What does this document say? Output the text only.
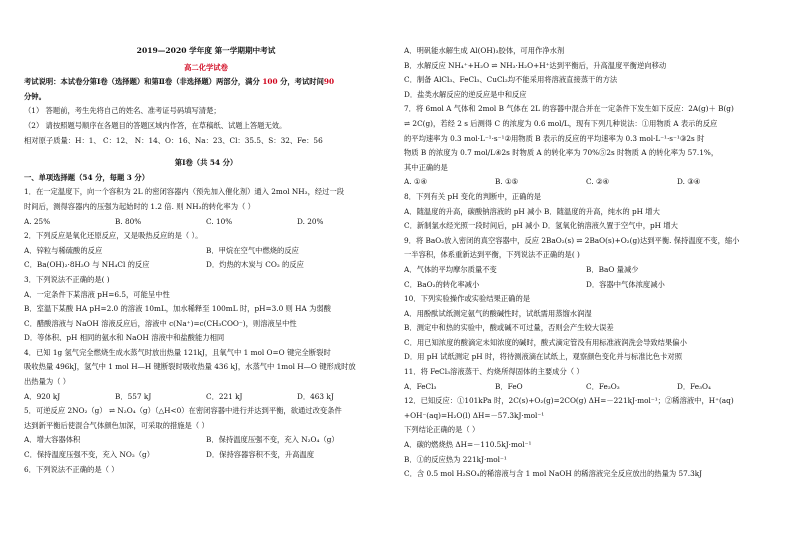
2019—2020 学年度 第一学期期中考试
高二化学试卷
考试说明：本试卷分第Ⅰ卷（选择题）和第Ⅱ卷（非选择题）两部分，满分 100 分，考试时间90
分钟。
（1） 答题前，考生先将自己的姓名、准考证号码填写清楚；
（2） 请按照题号顺序在各题目的答题区域内作答，在草稿纸、试题上答题无效。
相对原子质量：H：1、 C：12、 N：14、O：16、Na：23、Cl：35.5、S：32、Fe：56
第Ⅰ卷（共 54 分）
一、单项选择题（54 分，每题 3 分）
1．在一定温度下，向一个容积为 2L 的密闭容器内（预先加入催化剂）通入 2mol NH₃，经过一段
时间后，测得容器内的压强为起始时的 1.2 倍. 则 NH₃的转化率为（ ）
A. 25%	B. 80%	C. 10%	D. 20%
2．下列反应是氧化还原反应，又是吸热反应的是（ ）。
A．锌粒与稀硫酸的反应	B．甲烷在空气中燃烧的反应
C．Ba(OH)₂·8H₂O 与 NH₄Cl 的反应	D．灼热的木炭与 CO₂ 的反应
3．下列说法不正确的是( )
A．一定条件下某溶液 pH=6.5，可能呈中性
B．室温下某酸 HA pH=2.0 的溶液 10mL，加水稀释至 100mL 时，pH=3.0 则 HA 为弱酸
C．醋酸溶液与 NaOH 溶液反应后，溶液中 c(Na⁺)=c(CH₃COO⁻)，则溶液呈中性
D．等体积、pH 相同的氨水和 NaOH 溶液中和盐酸能力相同
4．已知 1g 氢气完全燃烧生成水蒸气时放出热量 121kJ，且氧气中 1 mol O=O 键完全断裂时
吸收热量 496kJ，氢气中 1 mol H—H 键断裂时吸收热量 436 kJ，水蒸气中 1mol H—O 键形成时放
出热量为（ ）
A．920 kJ	B．557 kJ	C．221 kJ	D．463 kJ
5．可逆反应 2NO₂（g） ⇌ N₂O₄（g）（△H<0）在密闭容器中进行并达到平衡，欲通过改变条件
达到新平衡后使混合气体颜色加深，可采取的措施是（ ）
A．增大容器体积	B．保持温度压强不变，充入 N₂O₄（g）
C．保持温度压强不变，充入 NO₂（g）	D．保持容器容积不变，升高温度
6．下列说法不正确的是（ ）
A．明矾能水解生成 Al(OH)₃胶体，可用作净水剂
B．水解反应 NH₄⁺+H₂O ⇌ NH₃·H₂O+H⁺达到平衡后，升高温度平衡逆向移动
C．制备 AlCl₃、FeCl₃、CuCl₂均不能采用将溶液直接蒸干的方法
D．盐类水解反应的逆反应是中和反应
7．将 6mol A 气体和 2mol B 气体在 2L 的容器中混合并在一定条件下发生如下反应：2A(g)＋ B(g)
⇌ 2C(g)，若经 2 s 后测得 C 的浓度为 0.6 mol/L，现有下列几种说法：①用物质 A 表示的反应
的平均速率为 0.3 mol·L⁻¹·s⁻¹②用物质 B 表示的反应的平均速率为 0.3 mol·L⁻¹·s⁻¹③2s 时
物质 B 的浓度为 0.7 mol/L④2s 时物质 A 的转化率为 70%⑤2s 时物质 A 的转化率为 57.1%，
其中正确的是
A. ①④	B. ①⑤	C. ②④	D. ③④
8．下列有关 pH 变化的判断中，正确的是
A．随温度的升高，碳酸钠溶液的 pH 减小 B．随温度的升高，纯水的 pH 增大
C．新制氯水经光照一段时间后，pH 减小 D．氢氧化钠溶液久置于空气中，pH 增大
9．将 BaO₂放入密闭的真空容器中，反应 2BaO₂(s) ⇌ 2BaO(s)+O₂(g)达到平衡. 保持温度不变，缩小
一半容积，体系重新达到平衡，下列说法不正确的是( )
A．气体的平均摩尔质量不变	B．BaO 量减少
C．BaO₂的转化率减小	D．容器中气体浓度减小
10．下列实验操作或实验结果正确的是
A．用酚酞试纸测定氨气的酸碱性时，试纸需用蒸馏水润湿
B．测定中和热的实验中，酸或碱不可过量，否则会产生较大误差
C．用已知浓度的酸滴定未知浓度的碱时，酸式滴定管没有用标准液润洗会导致结果偏小
D．用 pH 试纸测定 pH 时，将待测液滴在试纸上，观察颜色变化并与标准比色卡对照
11．将 FeCl₃溶液蒸干、灼烧所得固体的主要成分（ ）
A．FeCl₃	B．FeO	C．Fe₂O₃	D．Fe₃O₄
12．已知反应：①101kPa 时，2C(s)+O₂(g)=2CO(g) ΔH=－221kJ·mol⁻¹；②稀溶液中，H⁺(aq)
+OH⁻(aq)=H₂O(l) ΔH=－57.3kJ·mol⁻¹
下列结论正确的是（ ）
A．碳的燃烧热 ΔH=－110.5kJ·mol⁻¹
B．①的反应热为 221kJ·mol⁻¹
C．含 0.5 mol H₂SO₄的稀溶液与含 1 mol NaOH 的稀溶液完全反应放出的热量为 57.3kJ
